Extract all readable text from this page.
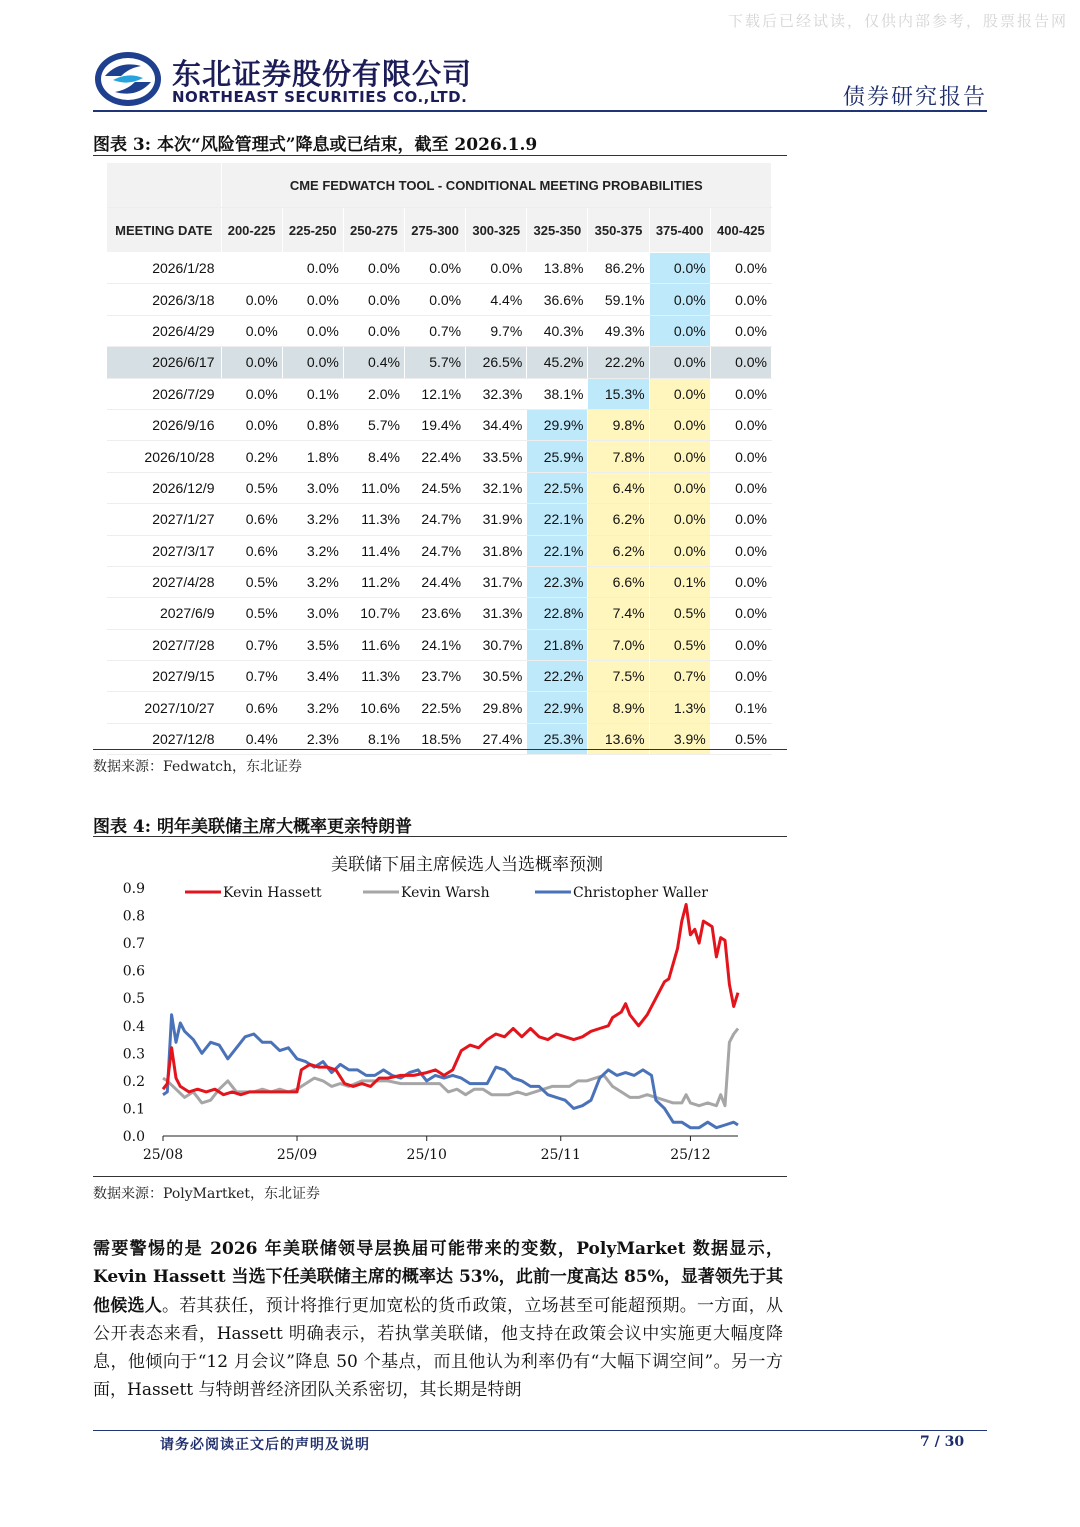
下载后已经试读，仅供内部参考，股票报告网
东北证券股份有限公司
NORTHEAST SECURITIES CO.,LTD.	债券研究报告
图表 3: 本次“风险管理式”降息或已结束，截至 2026.1.9
	CME FEDWATCH TOOL - CONDITIONAL MEETING PROBABILITIES								
MEETING DATE	200-225	225-250	250-275	275-300	300-325	325-350	350-375	375-400	400-425
2026/1/28		0.0%	0.0%	0.0%	0.0%	13.8%	86.2%	0.0%	0.0%
2026/3/18	0.0%	0.0%	0.0%	0.0%	4.4%	36.6%	59.1%	0.0%	0.0%
2026/4/29	0.0%	0.0%	0.0%	0.7%	9.7%	40.3%	49.3%	0.0%	0.0%
2026/6/17	0.0%	0.0%	0.4%	5.7%	26.5%	45.2%	22.2%	0.0%	0.0%
2026/7/29	0.0%	0.1%	2.0%	12.1%	32.3%	38.1%	15.3%	0.0%	0.0%
2026/9/16	0.0%	0.8%	5.7%	19.4%	34.4%	29.9%	9.8%	0.0%	0.0%
2026/10/28	0.2%	1.8%	8.4%	22.4%	33.5%	25.9%	7.8%	0.0%	0.0%
2026/12/9	0.5%	3.0%	11.0%	24.5%	32.1%	22.5%	6.4%	0.0%	0.0%
2027/1/27	0.6%	3.2%	11.3%	24.7%	31.9%	22.1%	6.2%	0.0%	0.0%
2027/3/17	0.6%	3.2%	11.4%	24.7%	31.8%	22.1%	6.2%	0.0%	0.0%
2027/4/28	0.5%	3.2%	11.2%	24.4%	31.7%	22.3%	6.6%	0.1%	0.0%
2027/6/9	0.5%	3.0%	10.7%	23.6%	31.3%	22.8%	7.4%	0.5%	0.0%
2027/7/28	0.7%	3.5%	11.6%	24.1%	30.7%	21.8%	7.0%	0.5%	0.0%
2027/9/15	0.7%	3.4%	11.3%	23.7%	30.5%	22.2%	7.5%	0.7%	0.0%
2027/10/27	0.6%	3.2%	10.6%	22.5%	29.8%	22.9%	8.9%	1.3%	0.1%
2027/12/8	0.4%	2.3%	8.1%	18.5%	27.4%	25.3%	13.6%	3.9%	0.5%
数据来源：Fedwatch，东北证券
图表 4: 明年美联储主席大概率更亲特朗普
美联储下届主席候选人当选概率预测
0.0
0.1
0.2
0.3
0.4
0.5
0.6
0.7
0.8
0.9
25/08	25/09	25/10	25/11	25/12
Kevin Hassett	Kevin Warsh	Christopher Waller
数据来源：PolyMartket，东北证券

需要警惕的是 2026 年美联储领导层换届可能带来的变数，PolyMarket 数据显示，Kevin Hassett 当选下任美联储主席的概率达 53%，此前一度高达 85%，显著领先于其他候选人。若其获任，预计将推行更加宽松的货币政策，立场甚至可能超预期。一方面，从公开表态来看，Hassett 明确表示，若执掌美联储，他支持在政策会议中实施更大幅度降息，他倾向于“12 月会议”降息 50 个基点，而且他认为利率仍有“大幅下调空间”。另一方面，Hassett 与特朗普经济团队关系密切，其长期是特朗

请务必阅读正文后的声明及说明	7 / 30
